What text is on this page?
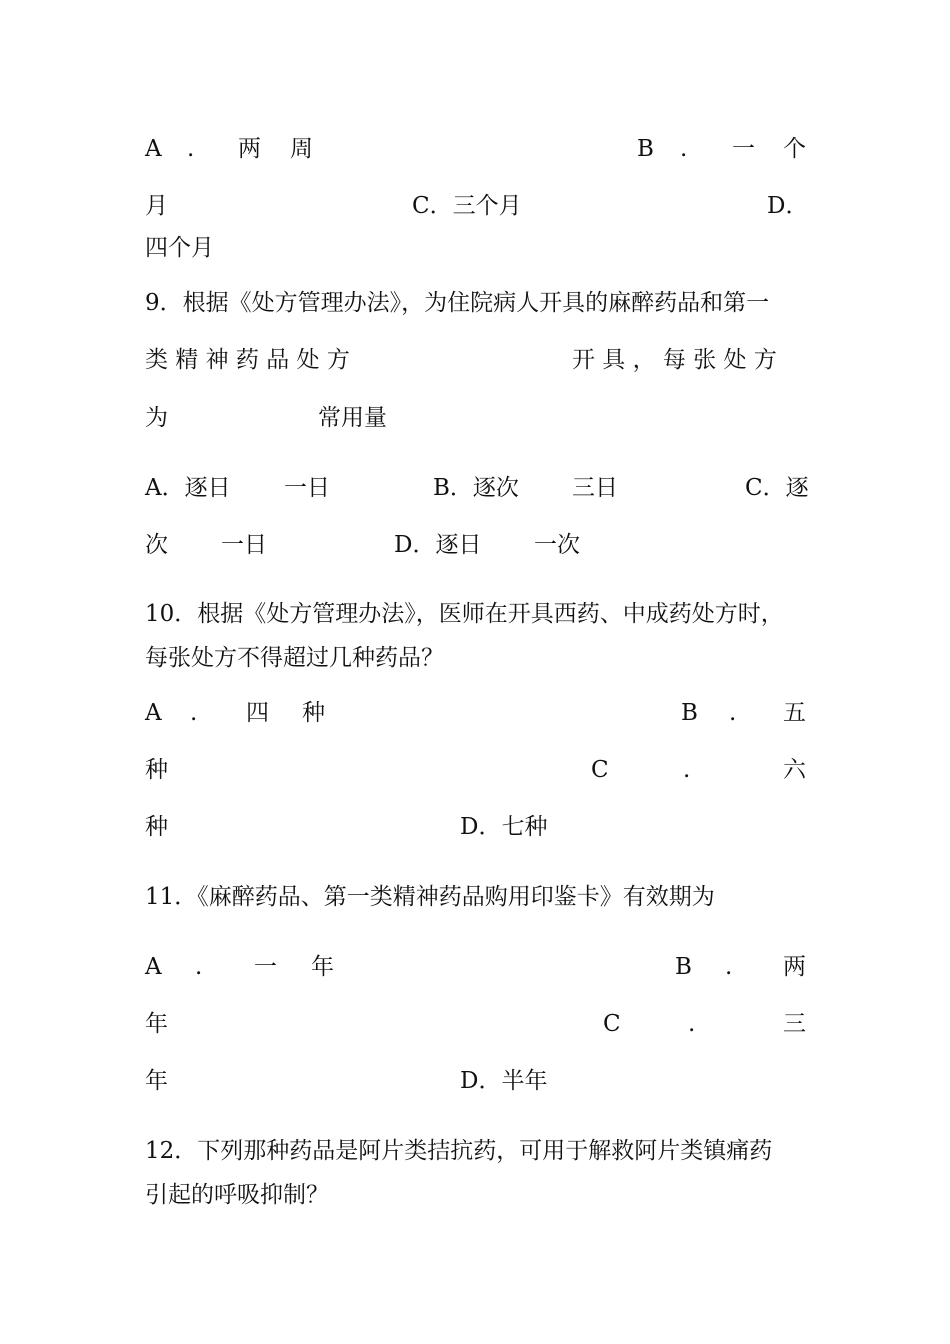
A . 两 周	B . 一 个
月	C．三个月	D．
四个月
9．根据《处方管理办法》，为住院病人开具的麻醉药品和第一
类 精 神 药 品 处 方	开 具 ， 每 张 处 方
为	常用量
A．逐日 一日	B．逐次 三日	C．逐
次 一日	D．逐日 一次
10．根据《处方管理办法》，医师在开具西药、中成药处方时，
每张处方不得超过几种药品？
A . 四 种	B . 五
种	C	.	六
种	D．七种
11．《麻醉药品、第一类精神药品购用印鉴卡》有效期为
A . 一 年	B . 两
年	C	.	三
年	D．半年
12．下列那种药品是阿片类拮抗药，可用于解救阿片类镇痛药
引起的呼吸抑制？
